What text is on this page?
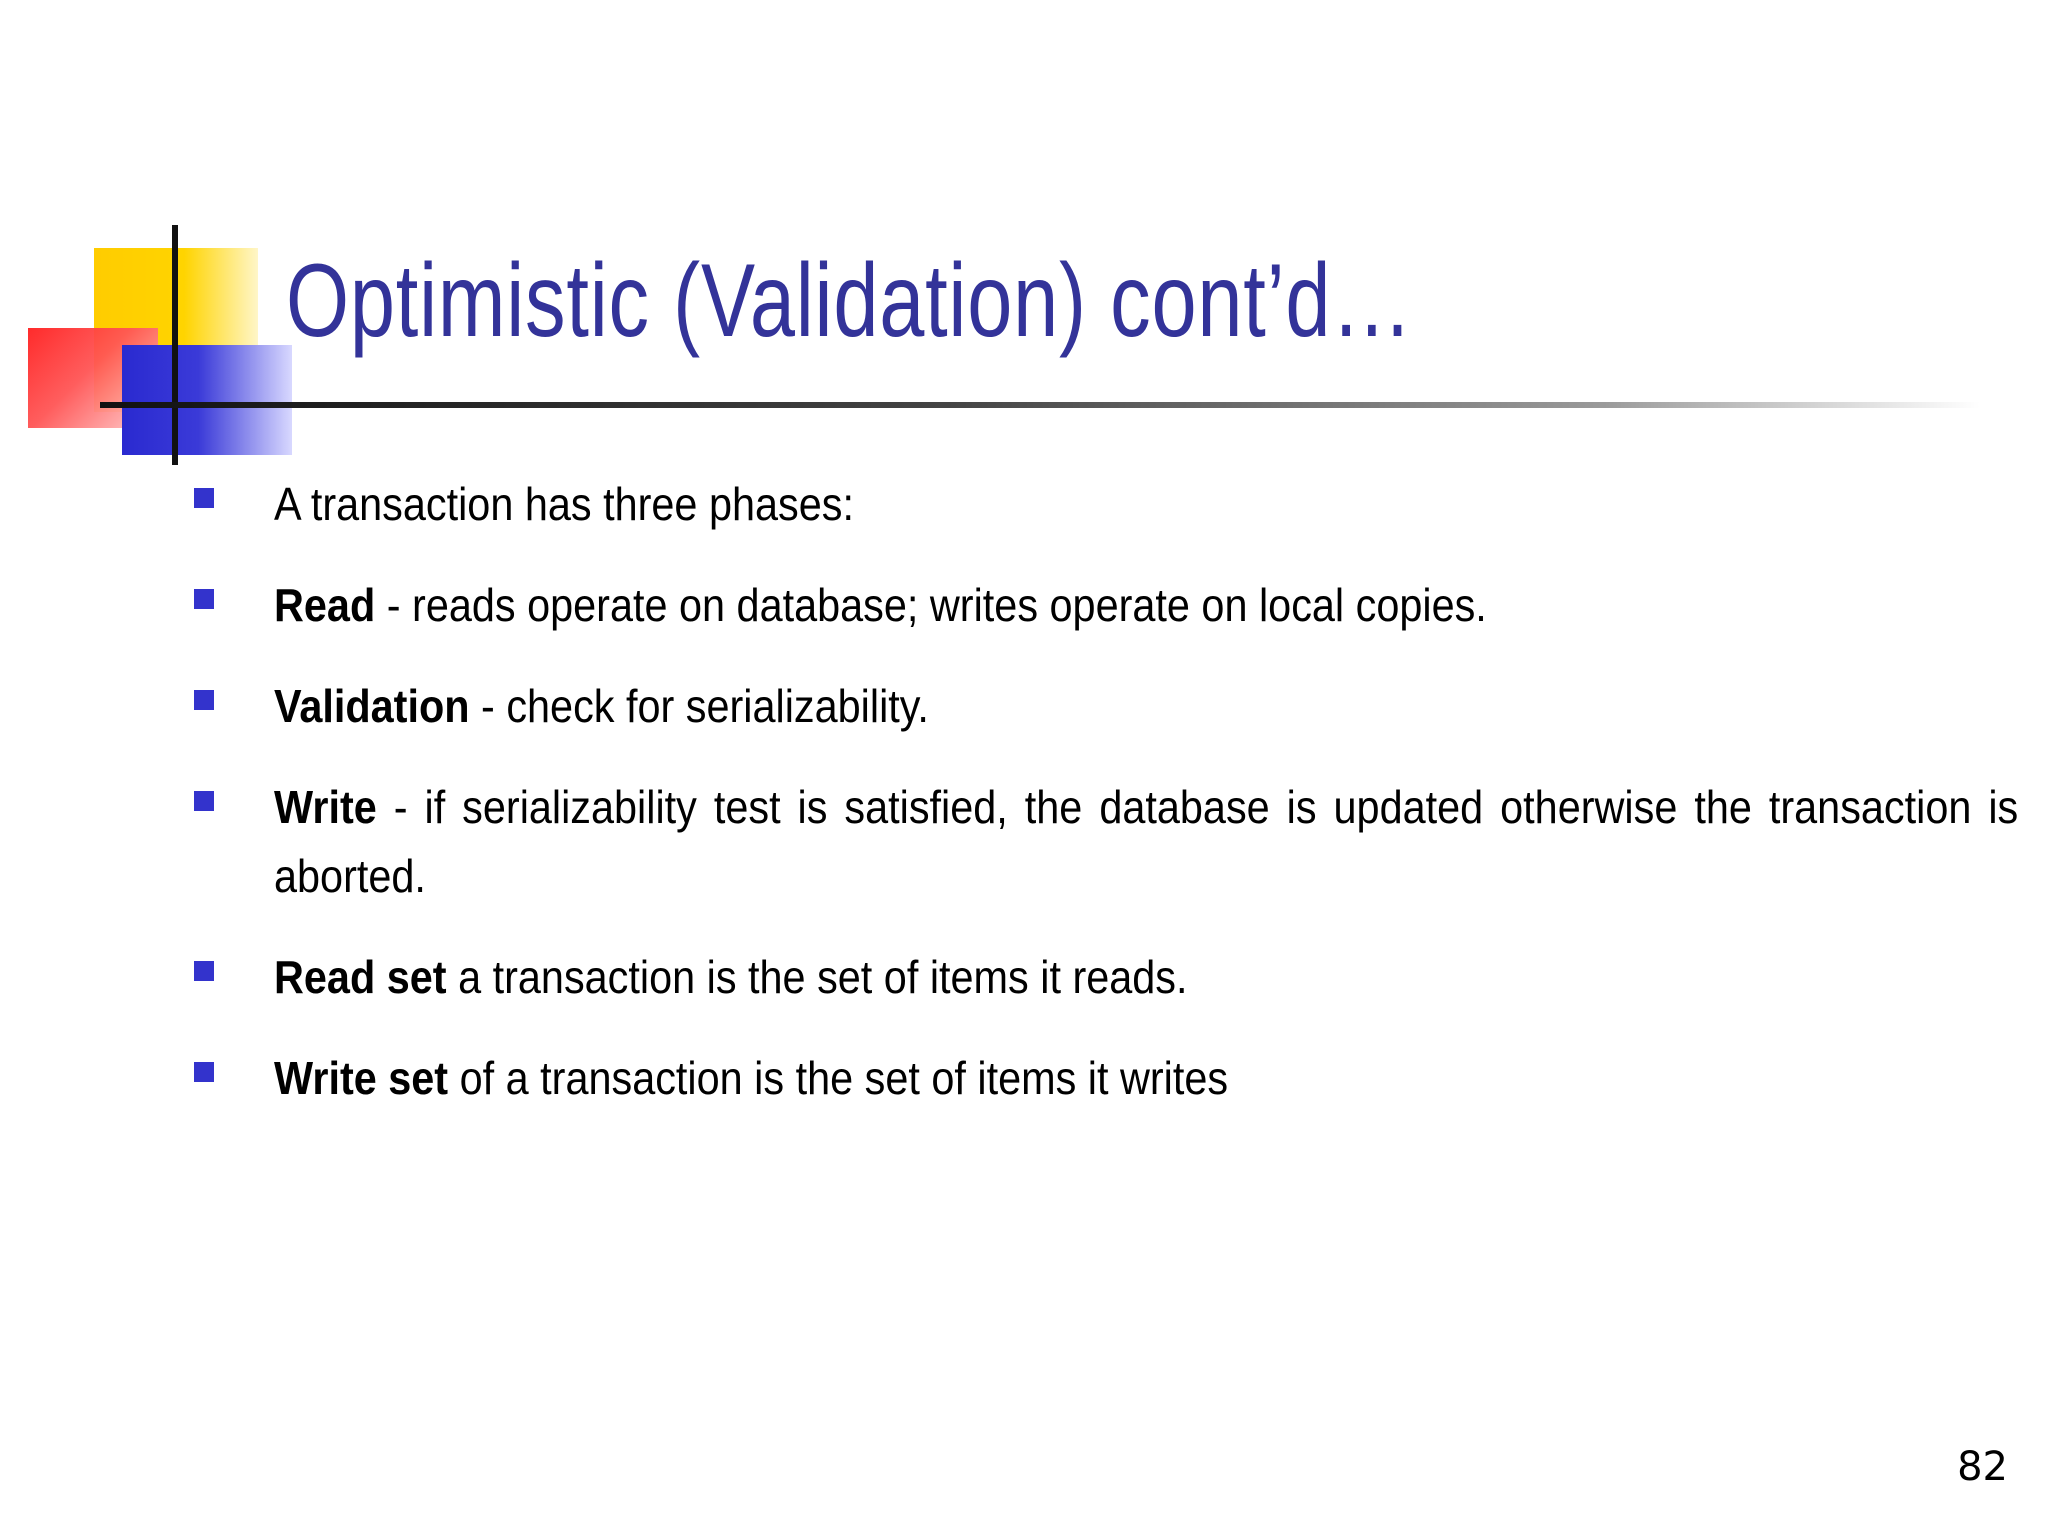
Optimistic (Validation) cont’d…
A transaction has three phases:
Read - reads operate on database; writes operate on local copies.
Validation - check for serializability.
Write - if serializability test is satisfied, the database is updated otherwise the transaction is aborted.
Read set a transaction is the set of items it reads.
Write set of a transaction is the set of items it writes
82
